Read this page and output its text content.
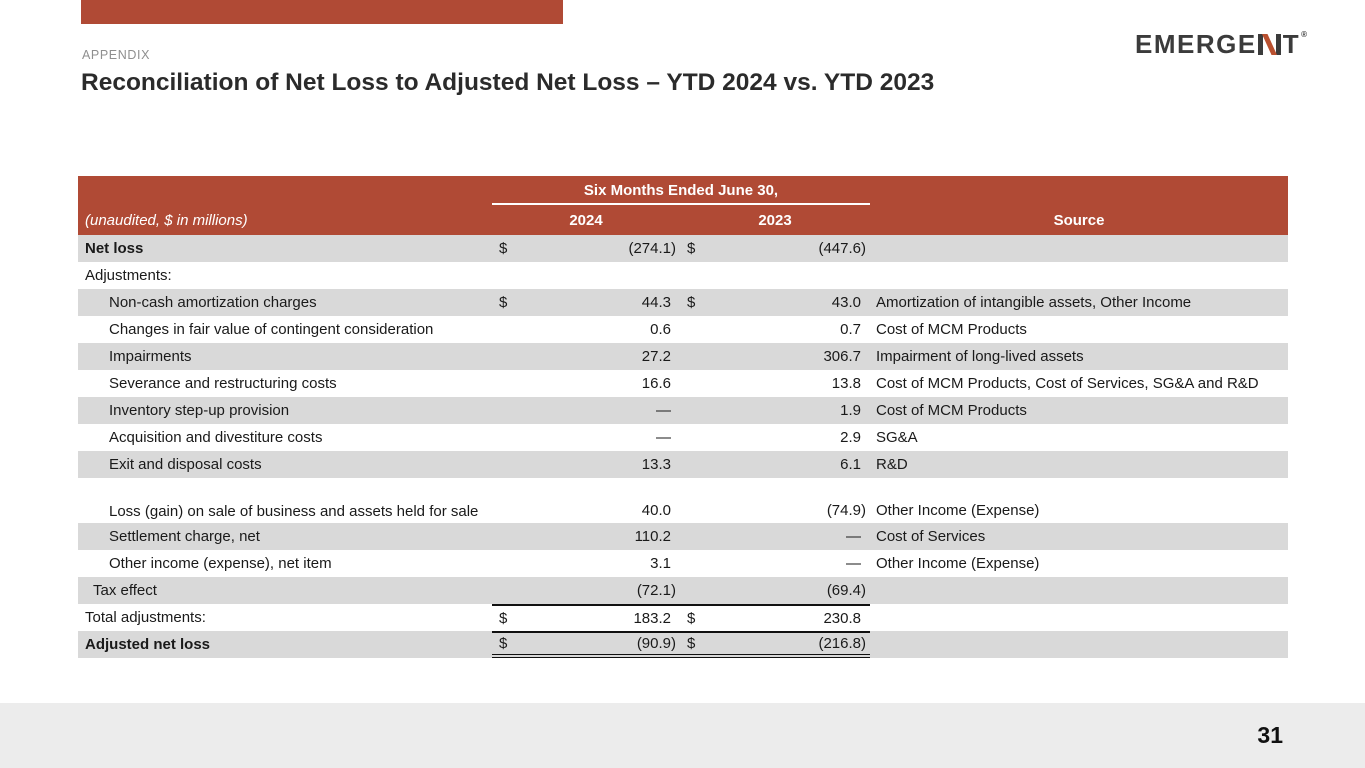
EMERGE T®
APPENDIX
Reconciliation of Net Loss to Adjusted Net Loss – YTD 2024 vs. YTD 2023
Six Months Ended June 30,
(unaudited, $ in millions)	2024	2023	Source
Net loss	$	(274.1) $	(447.6)
Adjustments:
Non-cash amortization charges	$	44.3 $	43.0	Amortization of intangible assets, Other Income
Changes in fair value of contingent consideration	0.6	0.7	Cost of MCM Products
Impairments	27.2	306.7	Impairment of long-lived assets
Severance and restructuring costs	16.6	13.8	Cost of MCM Products, Cost of Services, SG&A and R&D
Inventory step-up provision	—	1.9	Cost of MCM Products
Acquisition and divestiture costs	—	2.9	SG&A
Exit and disposal costs	13.3	6.1	R&D
Loss (gain) on sale of business and assets held for sale	40.0	(74.9) Other Income (Expense)
Settlement charge, net	110.2	—	Cost of Services
Other income (expense), net item	3.1	—	Other Income (Expense)
Tax effect	(72.1)	(69.4)
Total adjustments:	$	183.2 $	230.8
Adjusted net loss	$	(90.9) $	(216.8)
31
